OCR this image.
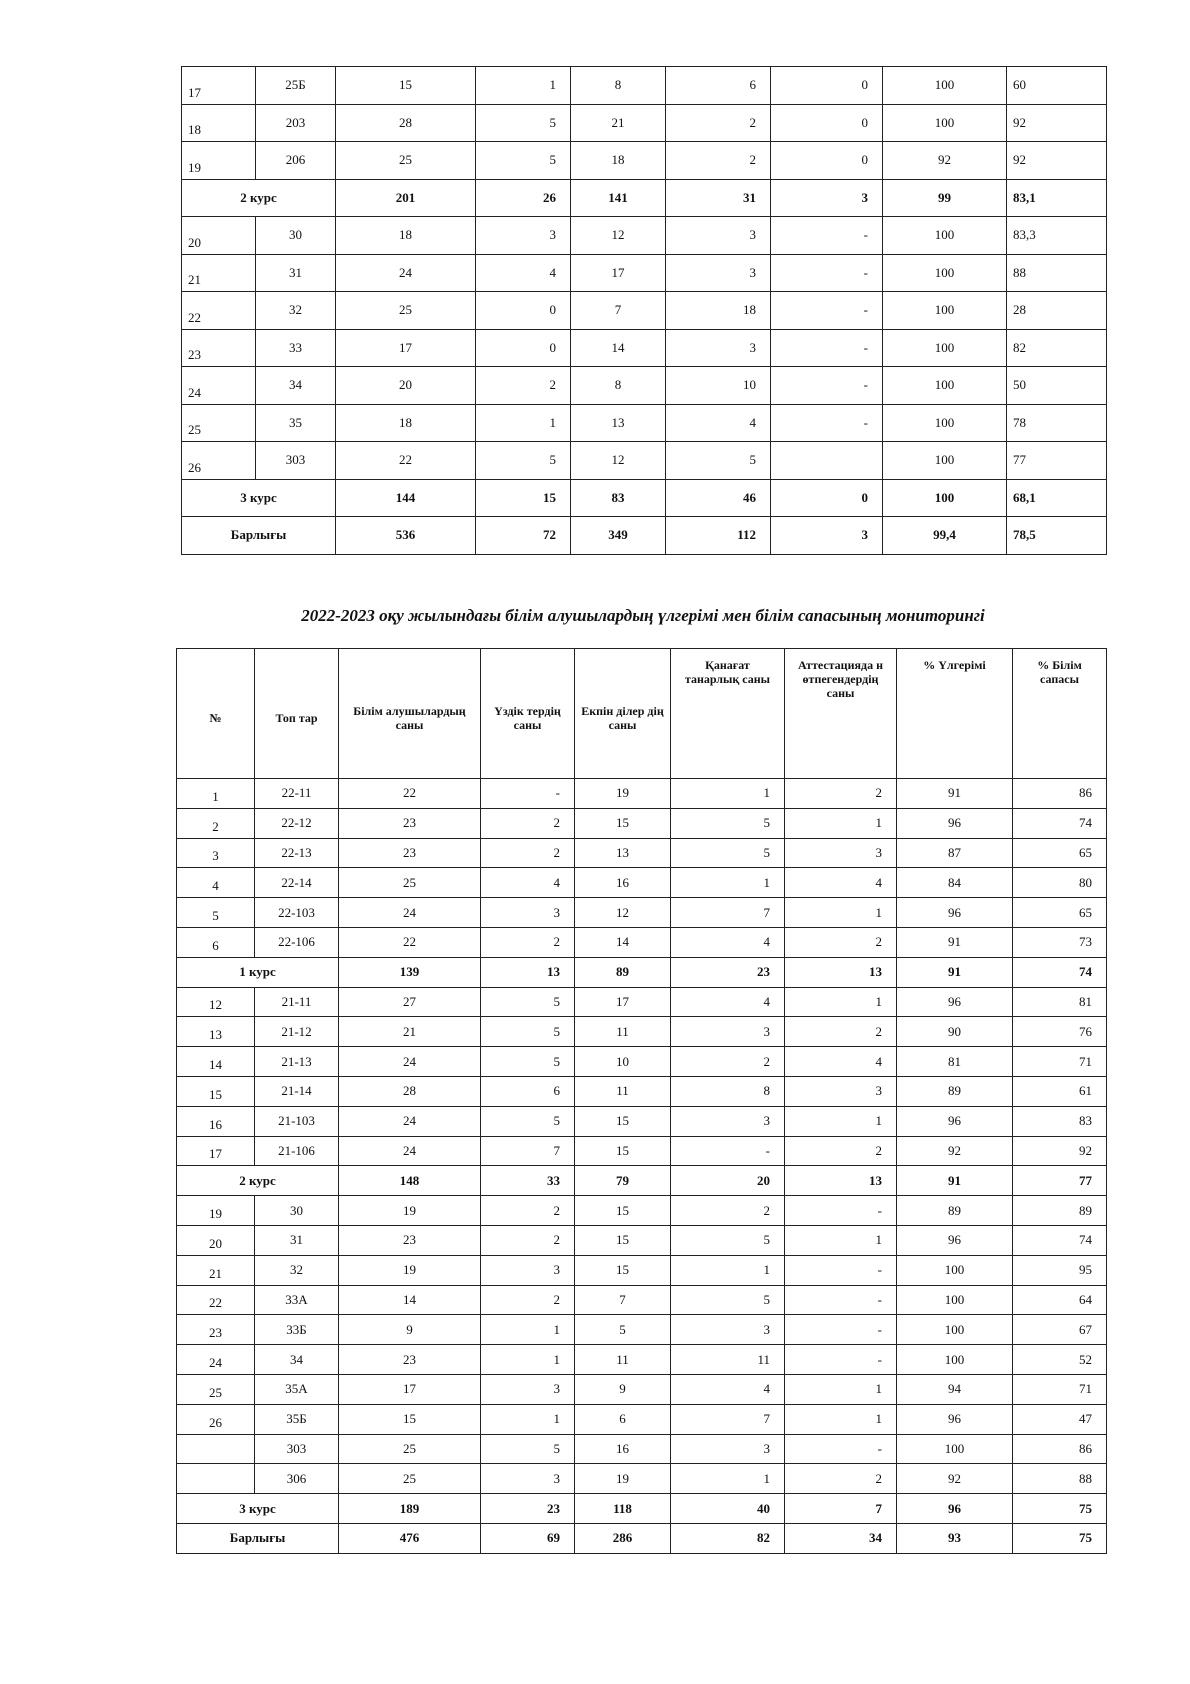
17	25Б	15	1	8	6	0	100	60
18	203	28	5	21	2	0	100	92
19	206	25	5	18	2	0	92	92
2 курс		201	26	141	31	3	99	83,1
20	30	18	3	12	3	-	100	83,3
21	31	24	4	17	3	-	100	88
22	32	25	0	7	18	-	100	28
23	33	17	0	14	3	-	100	82
24	34	20	2	8	10	-	100	50
25	35	18	1	13	4	-	100	78
26	303	22	5	12	5		100	77
3 курс		144	15	83	46	0	100	68,1
Барлығы		536	72	349	112	3	99,4	78,5
2022-2023 оқу жылындағы білім алушылардың үлгерімі мен білім сапасының мониторингі
№	Топ тар	Білім алушылардың саны	Үздік тердің саны	Екпін ділер дің саны	Қанағат танарлық саны	Аттестацияда н өтпегендердің саны	% Үлгерімі	% Білім сапасы
1	22-11	22	-	19	1	2	91	86
2	22-12	23	2	15	5	1	96	74
3	22-13	23	2	13	5	3	87	65
4	22-14	25	4	16	1	4	84	80
5	22-103	24	3	12	7	1	96	65
6	22-106	22	2	14	4	2	91	73
1 курс		139	13	89	23	13	91	74
12	21-11	27	5	17	4	1	96	81
13	21-12	21	5	11	3	2	90	76
14	21-13	24	5	10	2	4	81	71
15	21-14	28	6	11	8	3	89	61
16	21-103	24	5	15	3	1	96	83
17	21-106	24	7	15	-	2	92	92
2 курс		148	33	79	20	13	91	77
19	30	19	2	15	2	-	89	89
20	31	23	2	15	5	1	96	74
21	32	19	3	15	1	-	100	95
22	33А	14	2	7	5	-	100	64
23	33Б	9	1	5	3	-	100	67
24	34	23	1	11	11	-	100	52
25	35А	17	3	9	4	1	94	71
26	35Б	15	1	6	7	1	96	47
	303	25	5	16	3	-	100	86
	306	25	3	19	1	2	92	88
3 курс		189	23	118	40	7	96	75
Барлығы		476	69	286	82	34	93	75
